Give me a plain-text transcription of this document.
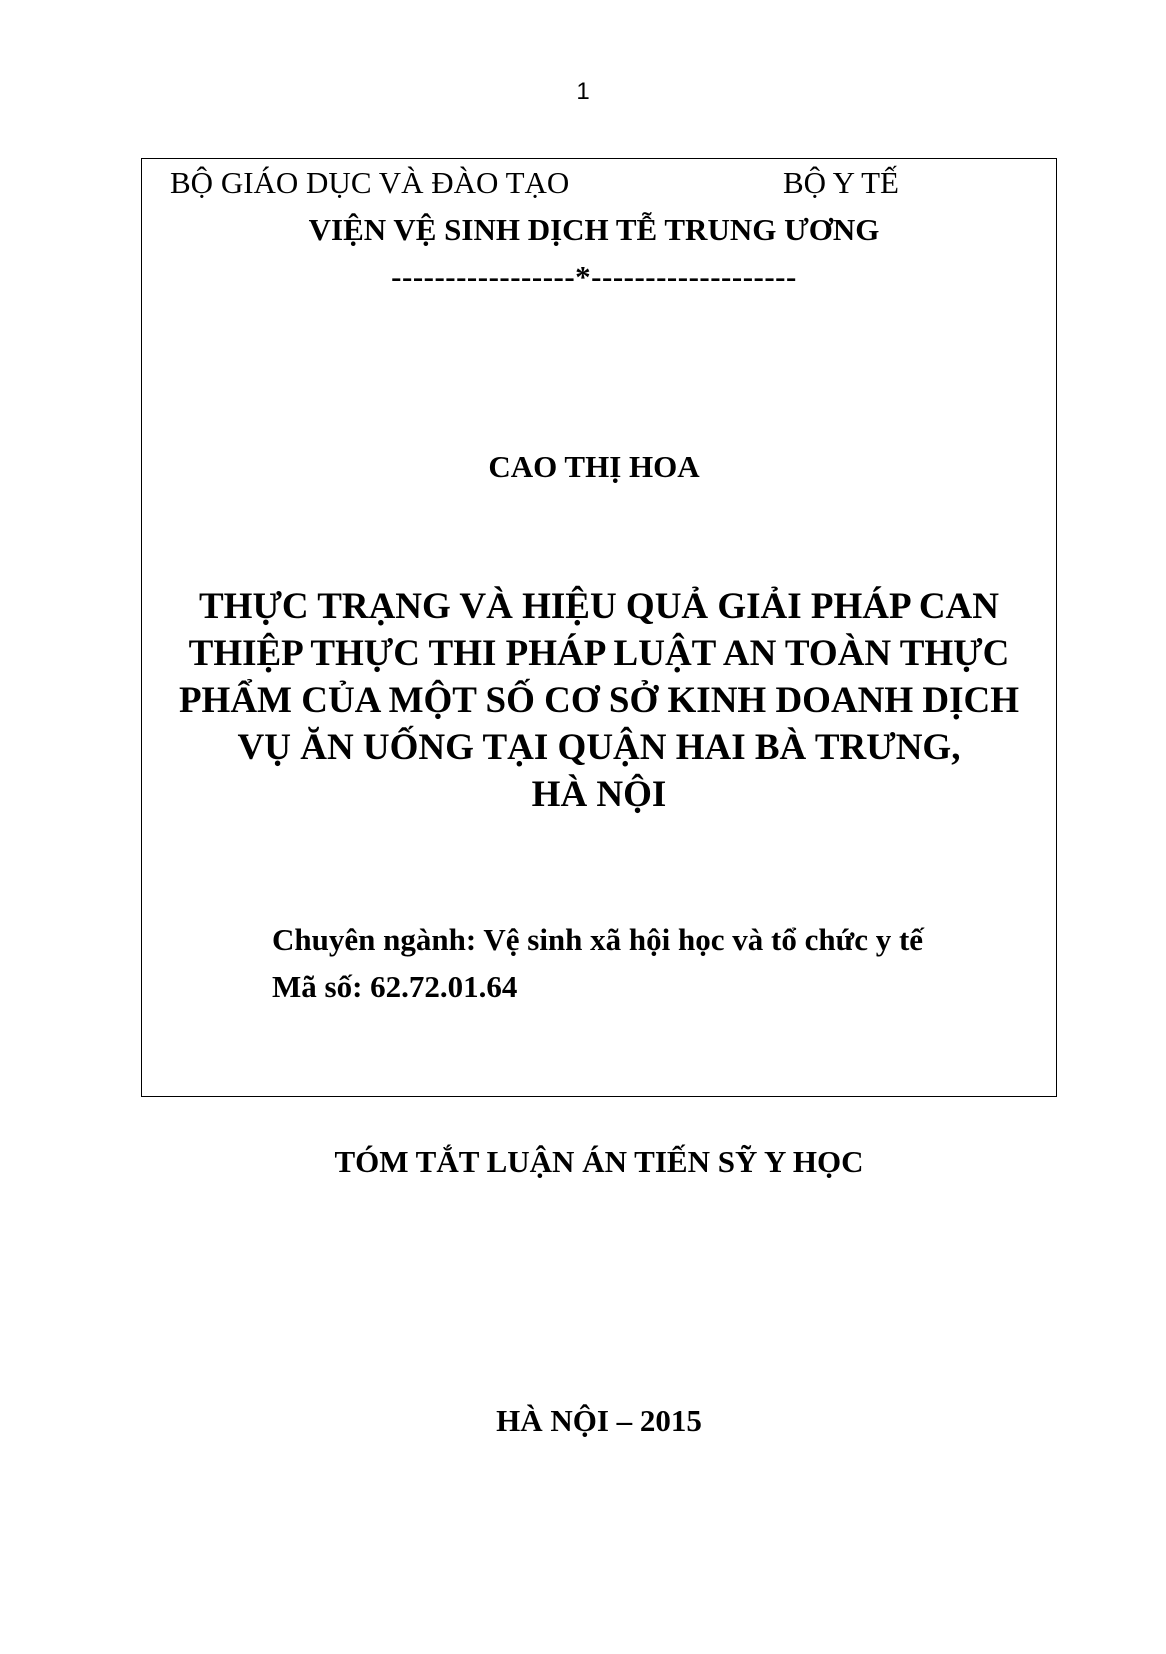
1
BỘ GIÁO DỤC VÀ ĐÀO TẠO	BỘ Y TẾ
VIỆN VỆ SINH DỊCH TỄ TRUNG ƯƠNG
-----------------*-------------------
CAO THỊ HOA
THỰC TRẠNG VÀ HIỆU QUẢ GIẢI PHÁP CAN
THIỆP THỰC THI PHÁP LUẬT AN TOÀN THỰC
PHẨM CỦA MỘT SỐ CƠ SỞ KINH DOANH DỊCH
VỤ ĂN UỐNG TẠI QUẬN HAI BÀ TRƯNG,
HÀ NỘI
Chuyên ngành: Vệ sinh xã hội học và tổ chức y tế
Mã số: 62.72.01.64
TÓM TẮT LUẬN ÁN TIẾN SỸ Y HỌC
HÀ NỘI – 2015
